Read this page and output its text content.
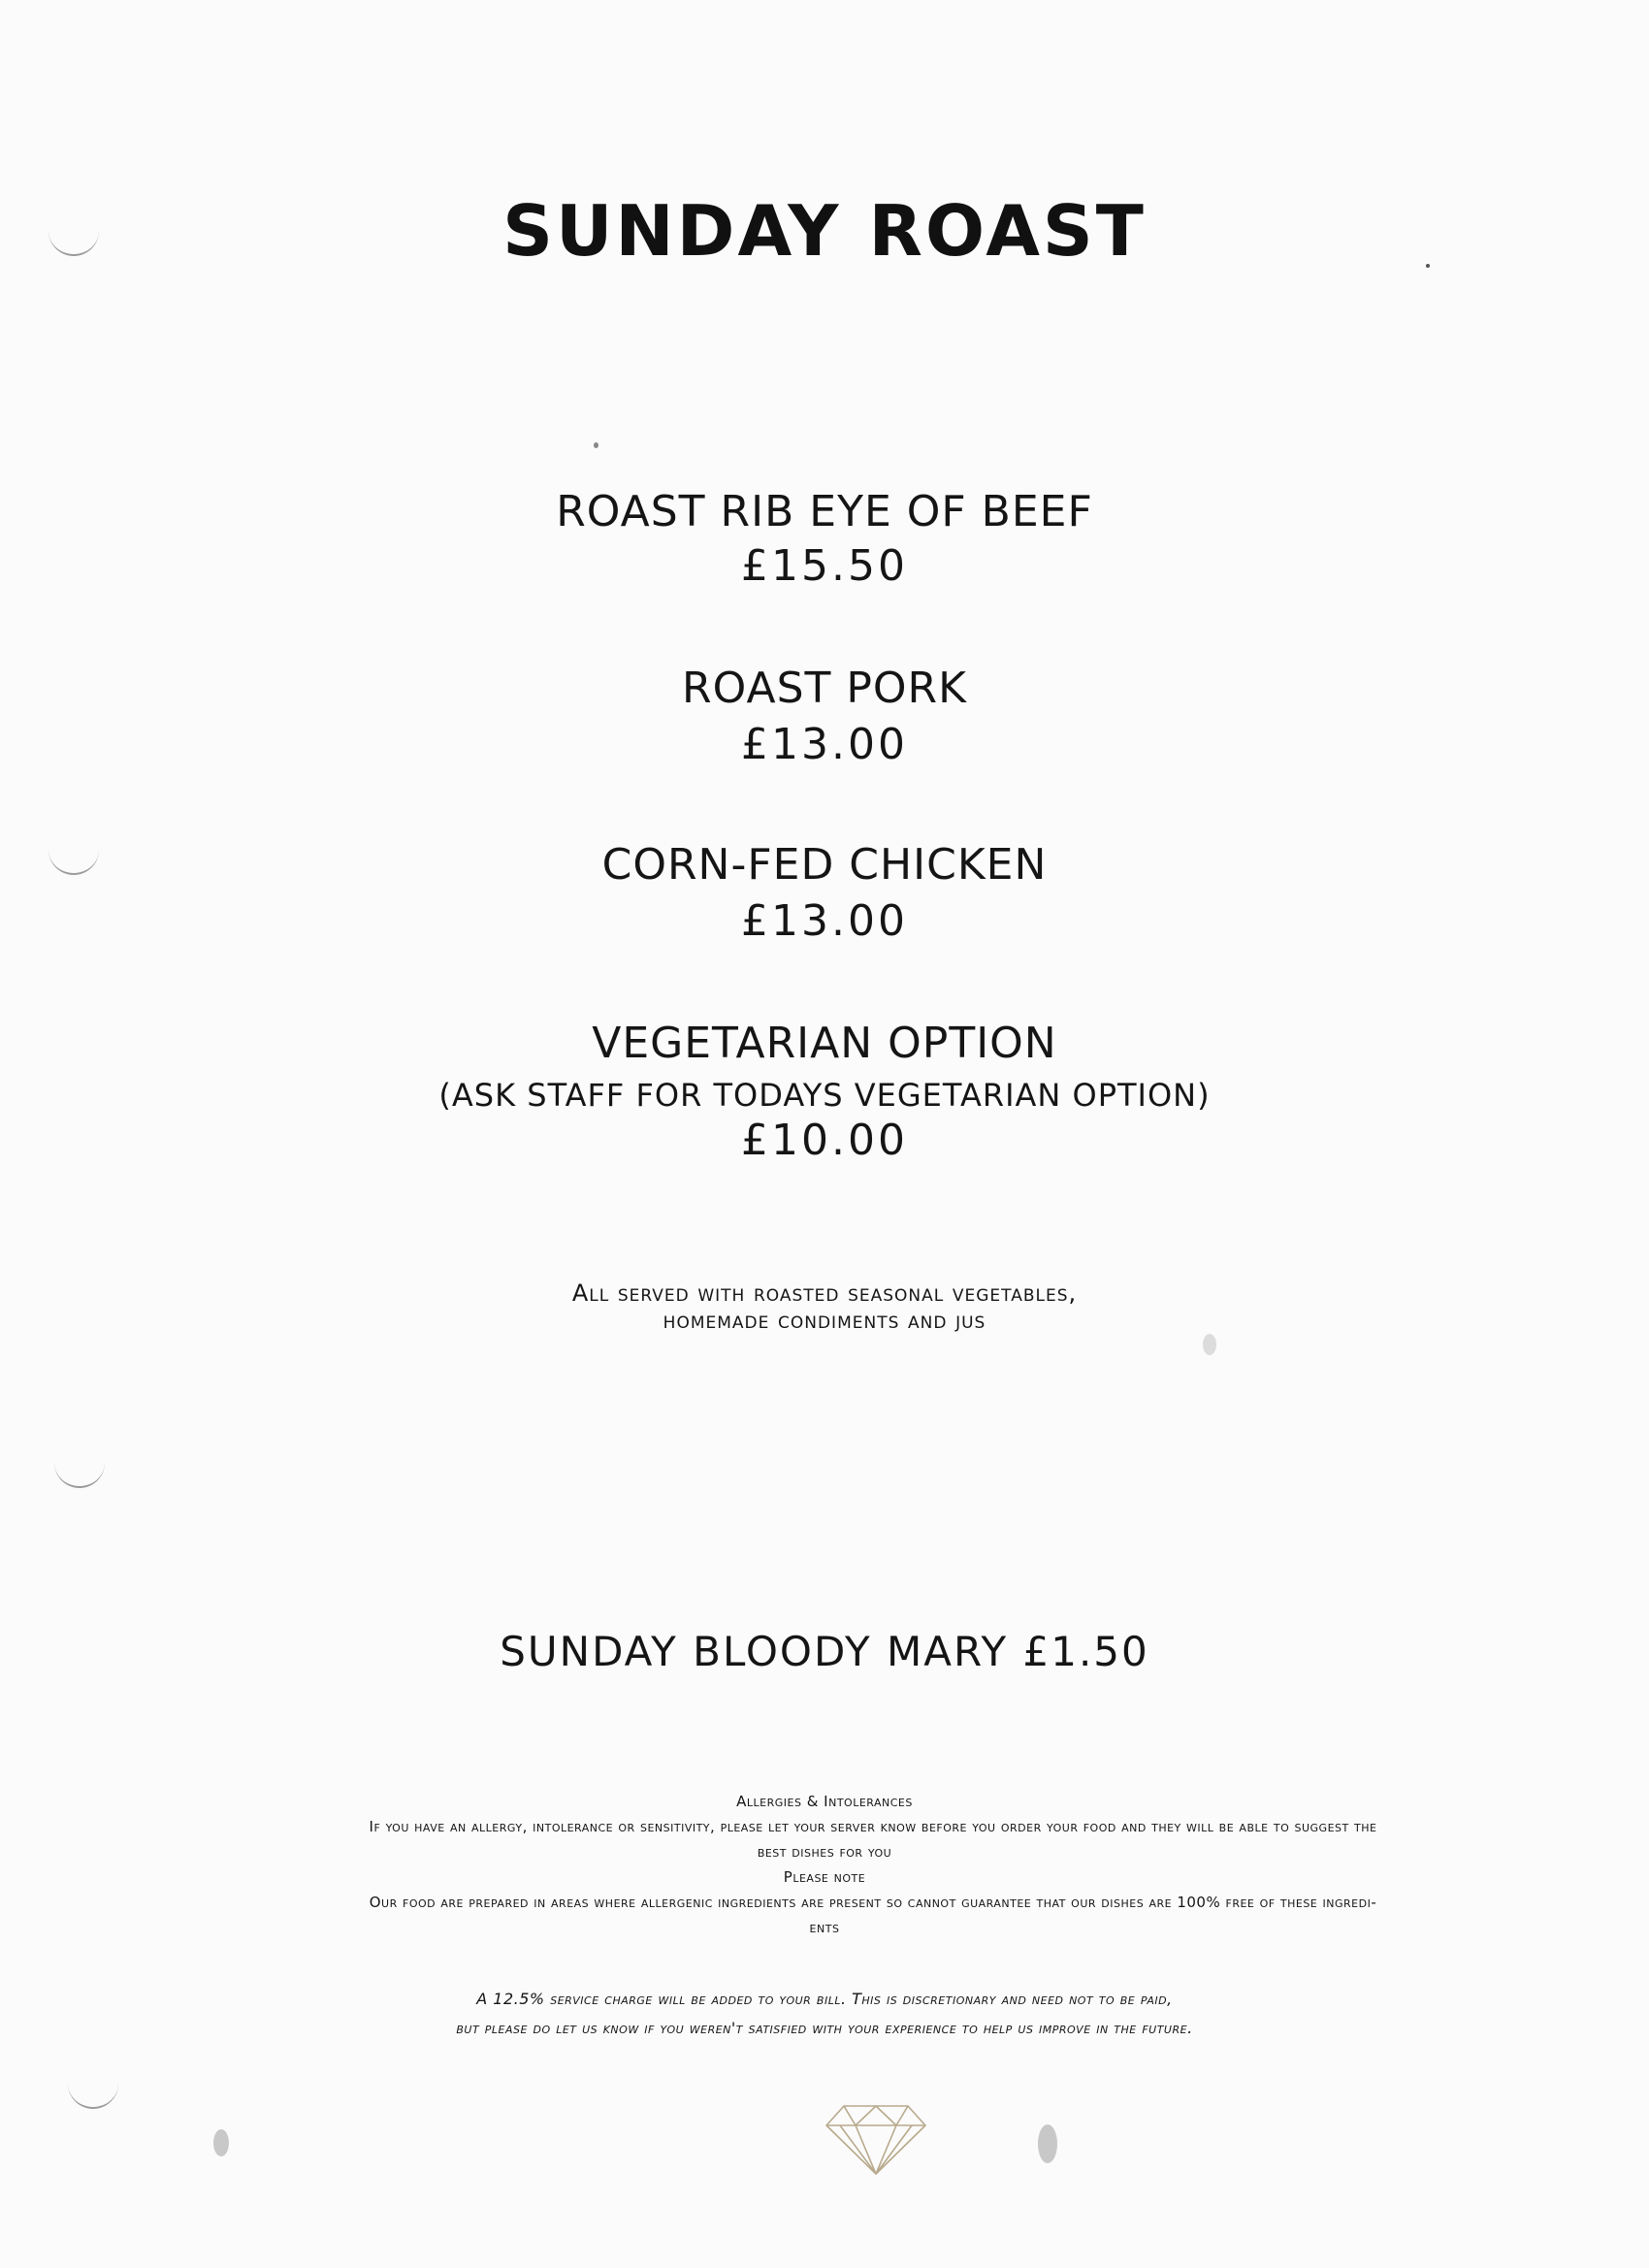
SUNDAY ROAST
ROAST RIB EYE OF BEEF
£15.50
ROAST PORK
£13.00
CORN-FED CHICKEN
£13.00
VEGETARIAN OPTION
(ASK STAFF FOR TODAYS VEGETARIAN OPTION)
£10.00
All served with roasted seasonal vegetables,
homemade condiments and jus
SUNDAY BLOODY MARY £1.50
Allergies & Intolerances
If you have an allergy, intolerance or sensitivity, please let your server know before you order your food and they will be able to suggest the
best dishes for you
Please note
Our food are prepared in areas where allergenic ingredients are present so cannot guarantee that our dishes are 100% free of these ingredi-
ents
A 12.5% service charge will be added to your bill. This is discretionary and need not to be paid,
but please do let us know if you weren't satisfied with your experience to help us improve in the future.
